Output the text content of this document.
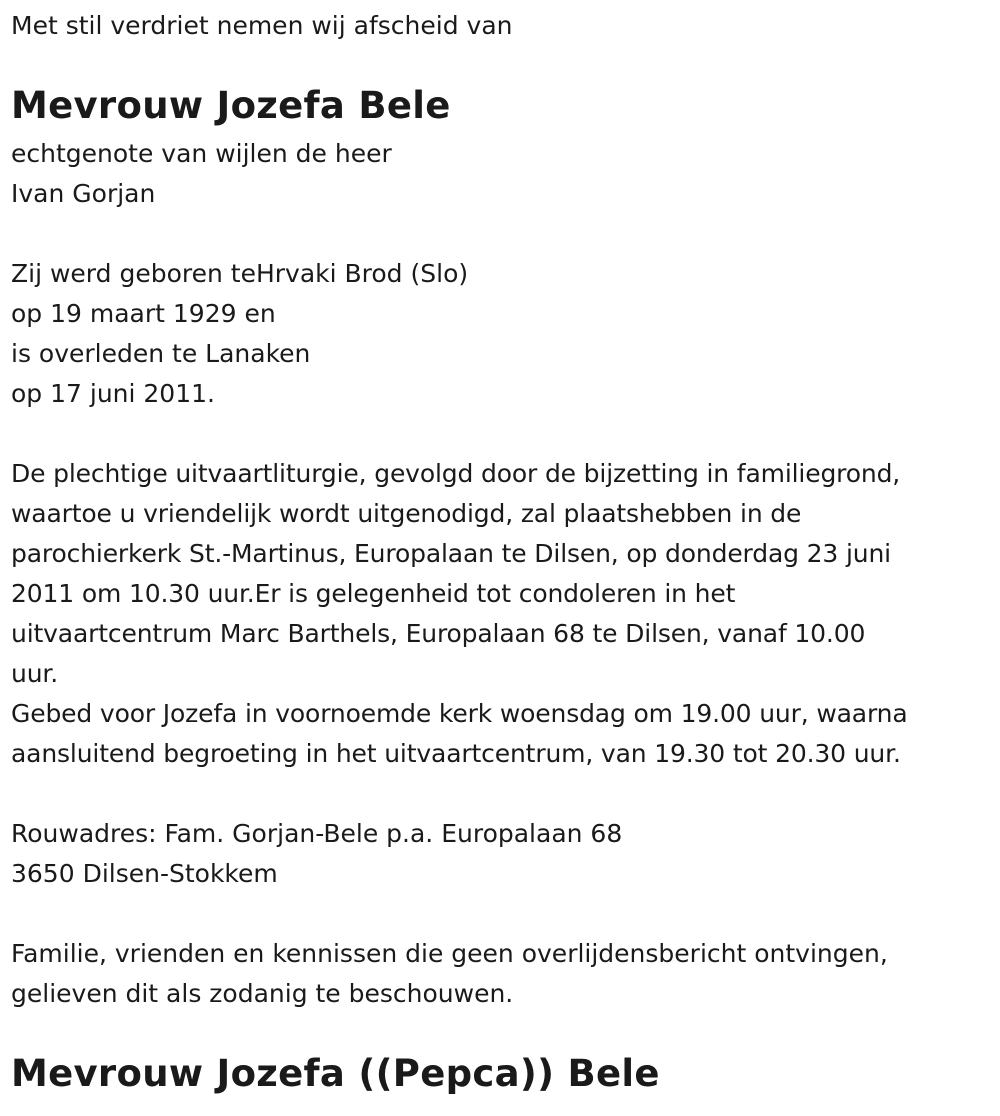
Met stil verdriet nemen wij afscheid van
Mevrouw Jozefa Bele
echtgenote van wijlen de heer
Ivan Gorjan
Zij werd geboren teHrvaki Brod (Slo)
op 19 maart 1929 en
is overleden te Lanaken
op 17 juni 2011.
De plechtige uitvaartliturgie, gevolgd door de bijzetting in familiegrond,
waartoe u vriendelijk wordt uitgenodigd, zal plaatshebben in de
parochierkerk St.-Martinus, Europalaan te Dilsen, op donderdag 23 juni
2011 om 10.30 uur.Er is gelegenheid tot condoleren in het
uitvaartcentrum Marc Barthels, Europalaan 68 te Dilsen, vanaf 10.00
uur.
Gebed voor Jozefa in voornoemde kerk woensdag om 19.00 uur, waarna
aansluitend begroeting in het uitvaartcentrum, van 19.30 tot 20.30 uur.
Rouwadres: Fam. Gorjan-Bele p.a. Europalaan 68
3650 Dilsen-Stokkem
Familie, vrienden en kennissen die geen overlijdensbericht ontvingen,
gelieven dit als zodanig te beschouwen.
Mevrouw Jozefa ((Pepca)) Bele
